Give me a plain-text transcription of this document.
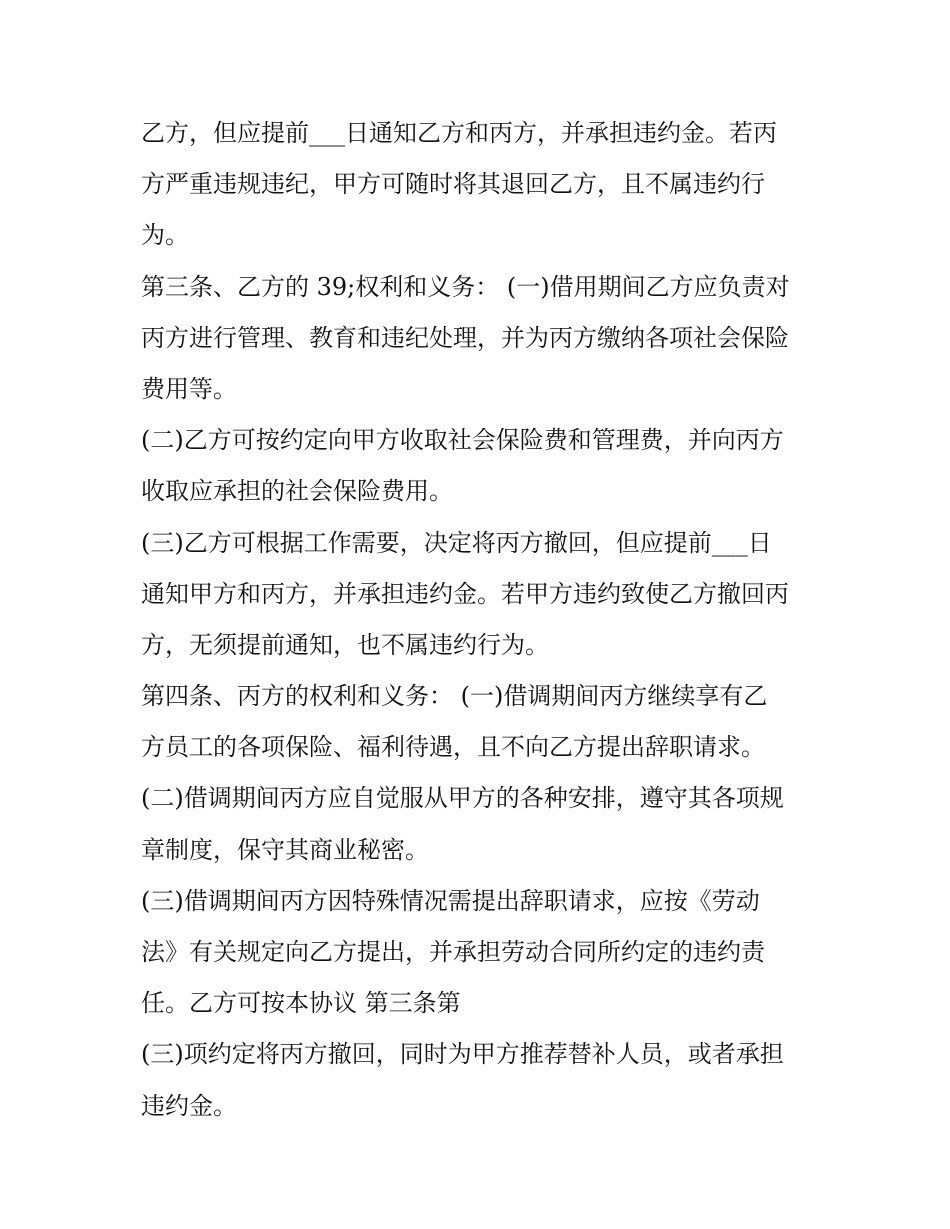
乙方，但应提前___日通知乙方和丙方，并承担违约金。若丙
方严重违规违纪，甲方可随时将其退回乙方，且不属违约行
为。
第三条、乙方的 39;权利和义务： (一)借用期间乙方应负责对
丙方进行管理、教育和违纪处理，并为丙方缴纳各项社会保险
费用等。
(二)乙方可按约定向甲方收取社会保险费和管理费，并向丙方
收取应承担的社会保险费用。
(三)乙方可根据工作需要，决定将丙方撤回，但应提前___日
通知甲方和丙方，并承担违约金。若甲方违约致使乙方撤回丙
方，无须提前通知，也不属违约行为。
第四条、丙方的权利和义务： (一)借调期间丙方继续享有乙
方员工的各项保险、福利待遇，且不向乙方提出辞职请求。
(二)借调期间丙方应自觉服从甲方的各种安排，遵守其各项规
章制度，保守其商业秘密。
(三)借调期间丙方因特殊情况需提出辞职请求，应按《劳动
法》有关规定向乙方提出，并承担劳动合同所约定的违约责
任。乙方可按本协议 第三条第
(三)项约定将丙方撤回，同时为甲方推荐替补人员，或者承担
违约金。
